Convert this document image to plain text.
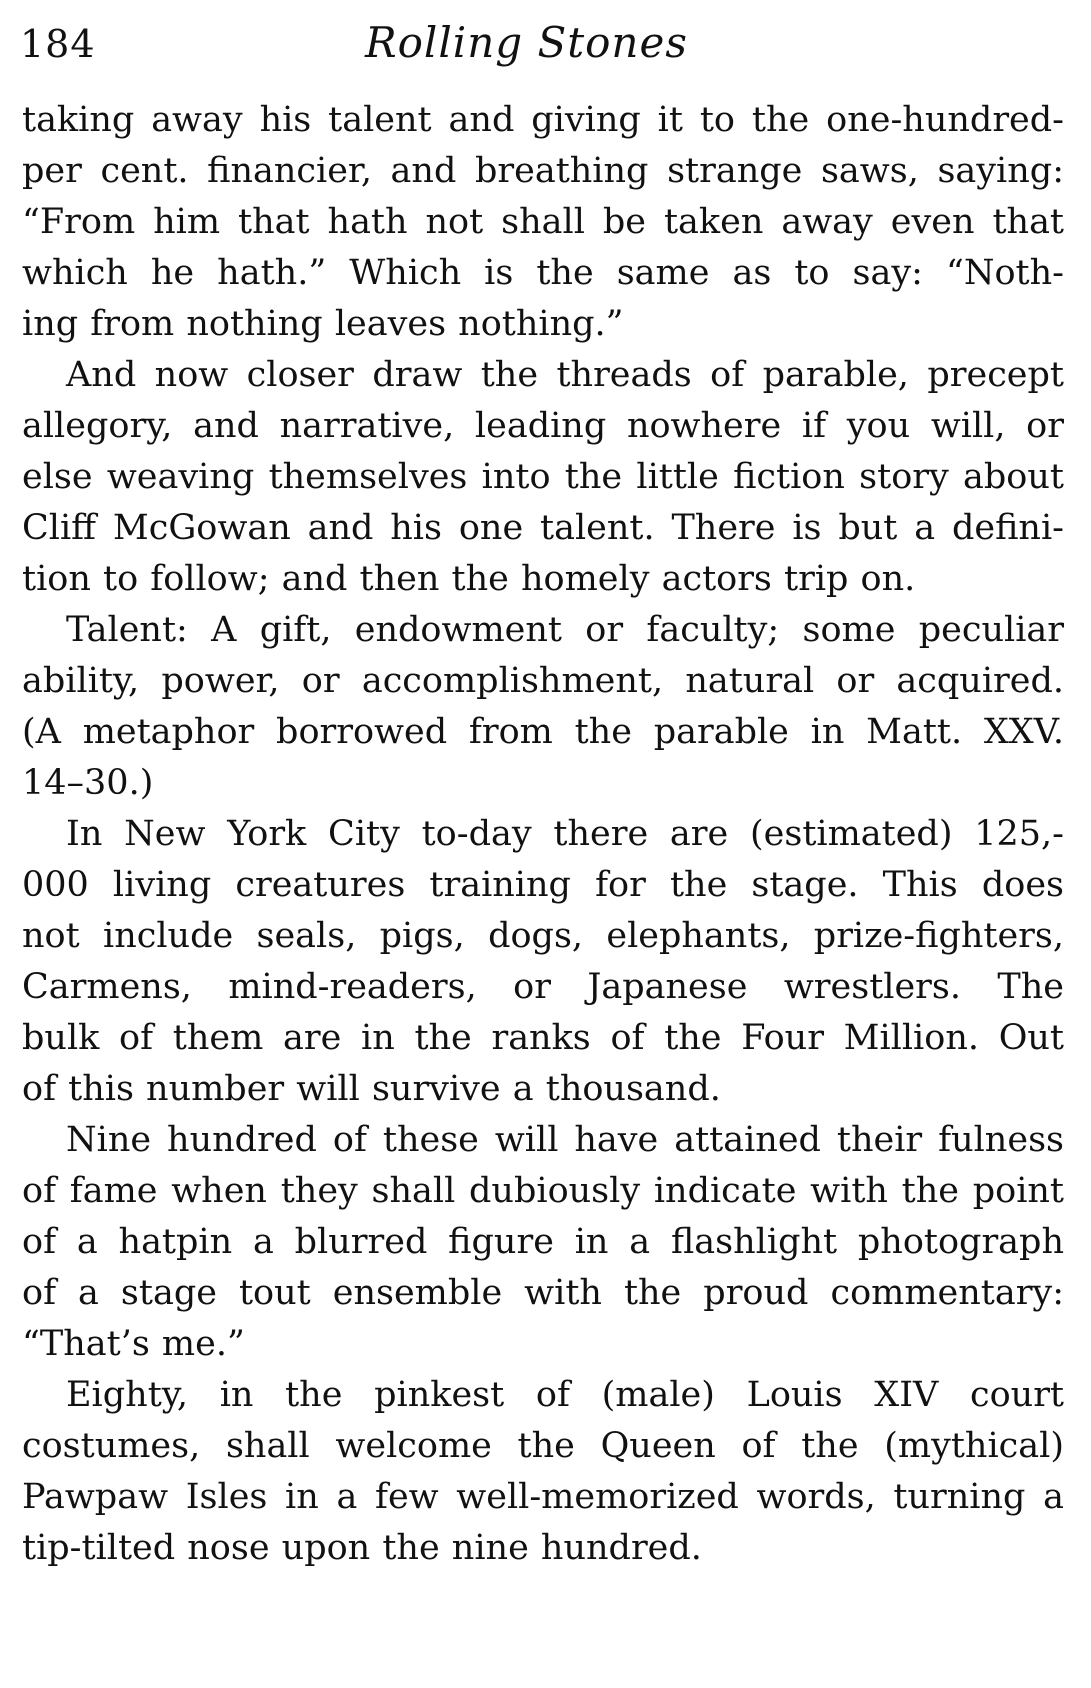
184	Rolling Stones
taking away his talent and giving it to the one-hundred-
per cent. financier, and breathing strange saws, saying:
“From him that hath not shall be taken away even that
which he hath.” Which is the same as to say: “Noth-
ing from nothing leaves nothing.”
And now closer draw the threads of parable, precept
allegory, and narrative, leading nowhere if you will, or
else weaving themselves into the little fiction story about
Cliff McGowan and his one talent. There is but a defini-
tion to follow; and then the homely actors trip on.
Talent: A gift, endowment or faculty; some peculiar
ability, power, or accomplishment, natural or acquired.
(A metaphor borrowed from the parable in Matt. XXV.
14–30.)
In New York City to-day there are (estimated) 125,-
000 living creatures training for the stage. This does
not include seals, pigs, dogs, elephants, prize-fighters,
Carmens, mind-readers, or Japanese wrestlers. The
bulk of them are in the ranks of the Four Million. Out
of this number will survive a thousand.
Nine hundred of these will have attained their fulness
of fame when they shall dubiously indicate with the point
of a hatpin a blurred figure in a flashlight photograph
of a stage tout ensemble with the proud commentary:
“That’s me.”
Eighty, in the pinkest of (male) Louis XIV court
costumes, shall welcome the Queen of the (mythical)
Pawpaw Isles in a few well-memorized words, turning a
tip-tilted nose upon the nine hundred.
